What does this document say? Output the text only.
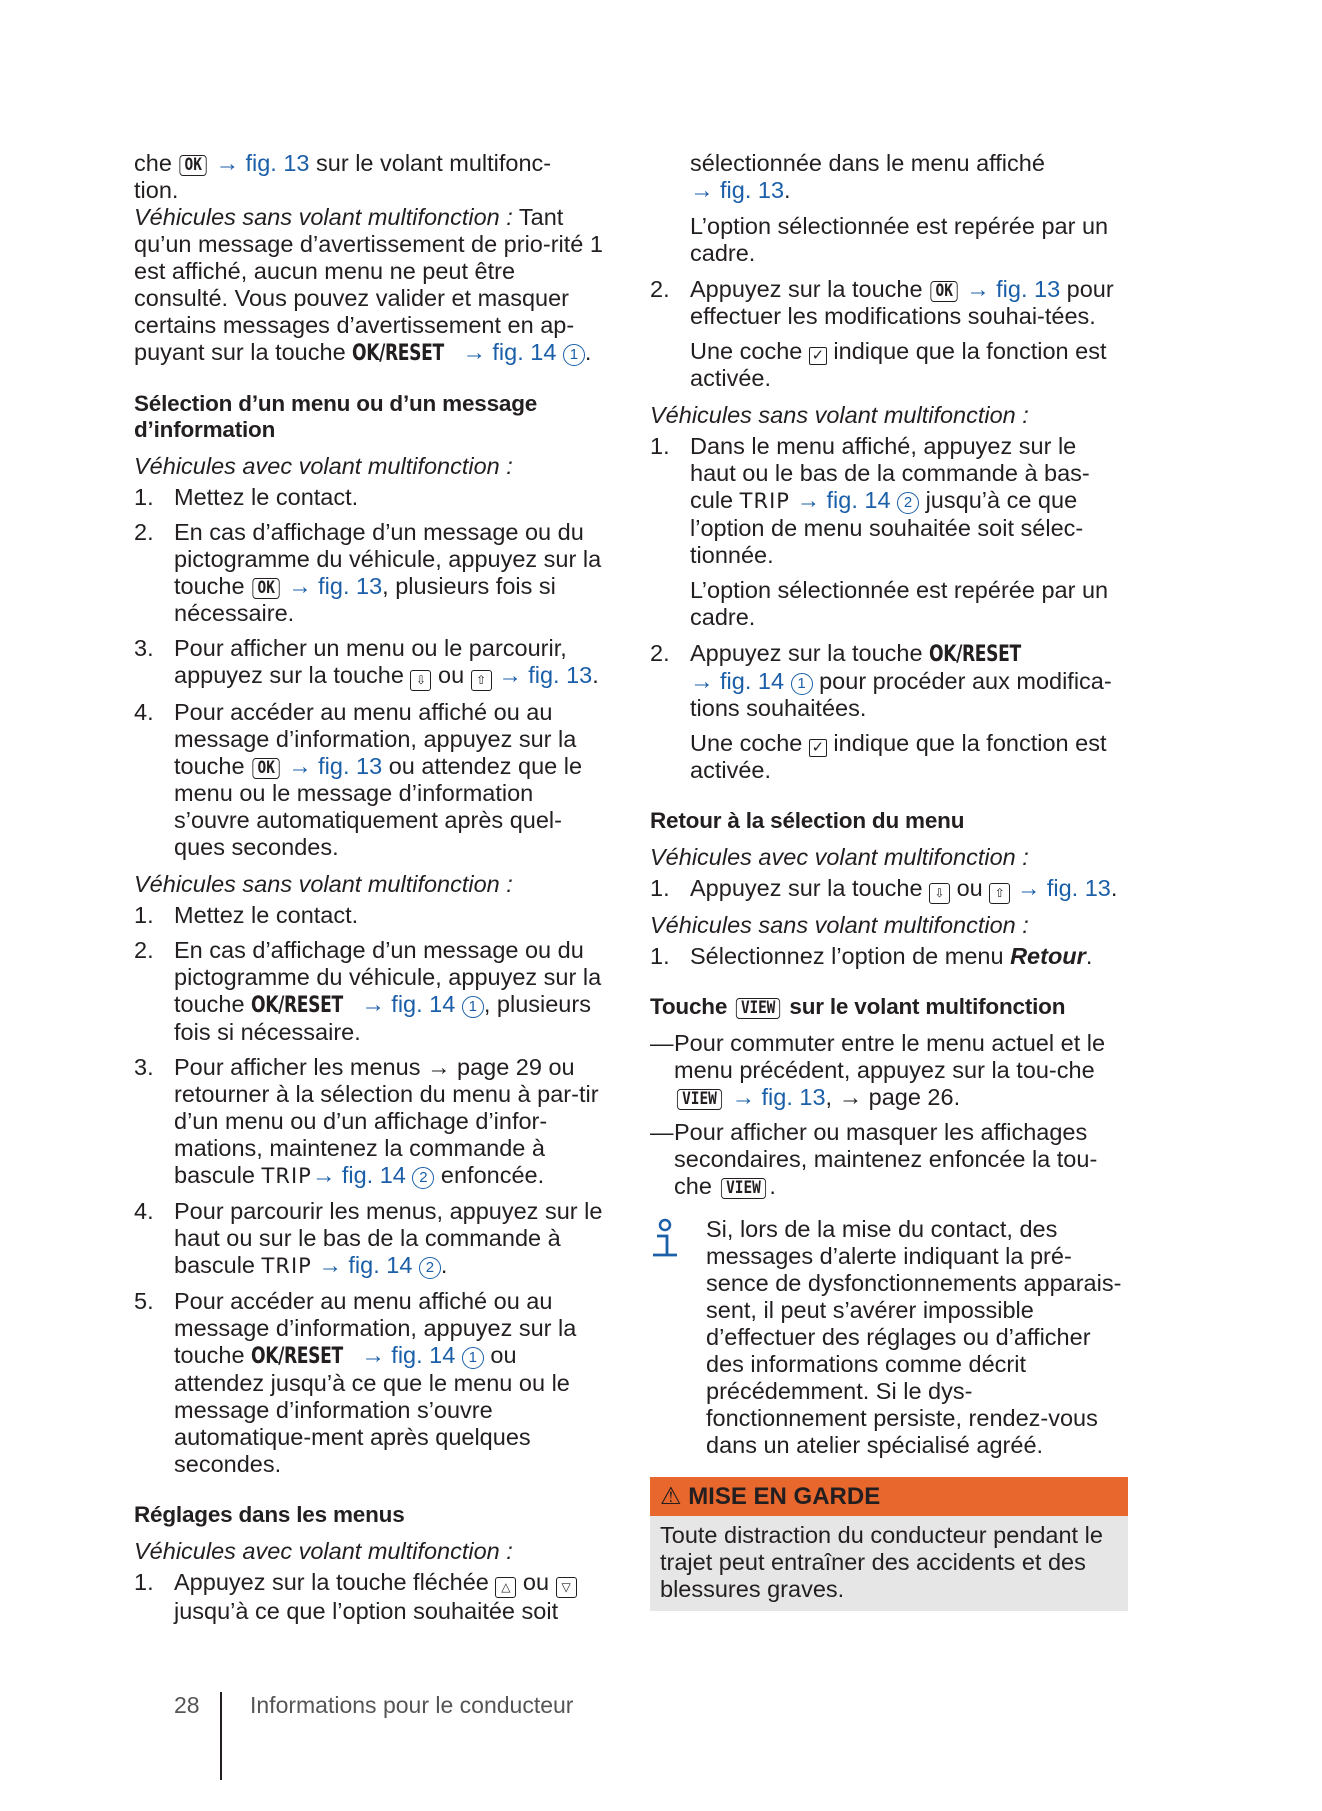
che OK → fig. 13 sur le volant multifonc-
tion.
Véhicules sans volant multifonction : Tant qu’un message d’avertissement de prio-rité 1 est affiché, aucun menu ne peut être consulté. Vous pouvez valider et masquer certains messages d’avertissement en ap-puyant sur la touche OK/RESET → fig. 14 1 .

Sélection d’un menu ou d’un message d’information

Véhicules avec volant multifonction :

1. Mettez le contact.
2. En cas d’affichage d’un message ou du pictogramme du véhicule, appuyez sur la touche OK → fig. 13, plusieurs fois si nécessaire.
3. Pour afficher un menu ou le parcourir, appuyez sur la touche ⇩ ou ⇧ → fig. 13.
4. Pour accéder au menu affiché ou au message d’information, appuyez sur la touche OK → fig. 13 ou attendez que le menu ou le message d’information s’ouvre automatiquement après quel-ques secondes.

Véhicules sans volant multifonction :

1. Mettez le contact.
2. En cas d’affichage d’un message ou du pictogramme du véhicule, appuyez sur la touche OK/RESET → fig. 14 1 , plusieurs fois si nécessaire.
3. Pour afficher les menus → page 29 ou retourner à la sélection du menu à par-tir d’un menu ou d’un affichage d’infor-mations, maintenez la commande à bascule TRIP→ fig. 14 2 enfoncée.
4. Pour parcourir les menus, appuyez sur le haut ou sur le bas de la commande à bascule TRIP → fig. 14 2 .
5. Pour accéder au menu affiché ou au message d’information, appuyez sur la touche OK/RESET → fig. 14 1 ou attendez jusqu’à ce que le menu ou le message d’information s’ouvre automatique-ment après quelques secondes.
Réglages dans les menus

Véhicules avec volant multifonction :

1. Appuyez sur la touche fléchée △ ou ▽ jusqu’à ce que l’option souhaitée soit
sélectionnée dans le menu affiché
→ fig. 13.
L’option sélectionnée est repérée par un cadre.
2. Appuyez sur la touche OK → fig. 13 pour effectuer les modifications souhai-tées.
Une coche ✓ indique que la fonction est activée.

Véhicules sans volant multifonction :

1. Dans le menu affiché, appuyez sur le haut ou le bas de la commande à bas-cule TRIP → fig. 14 2 jusqu’à ce que l’option de menu souhaitée soit sélec-tionnée.
L’option sélectionnée est repérée par un cadre.
2. Appuyez sur la touche OK/RESET
→ fig. 14 1 pour procéder aux modifica-tions souhaitées.
Une coche ✓ indique que la fonction est activée.
Retour à la sélection du menu

Véhicules avec volant multifonction :

1. Appuyez sur la touche ⇩ ou ⇧ → fig. 13.

Véhicules sans volant multifonction :

1. Sélectionnez l’option de menu Retour.
Touche VIEW sur le volant multifonction
— Pour commuter entre le menu actuel et le menu précédent, appuyez sur la tou-che VIEW → fig. 13, → page 26.
— Pour afficher ou masquer les affichages secondaires, maintenez enfoncée la tou-che VIEW .
Si, lors de la mise du contact, des messages d’alerte indiquant la pré-sence de dysfonctionnements apparais-sent, il peut s’avérer impossible d’effectuer des réglages ou d’afficher des informations comme décrit précédemment. Si le dys-fonctionnement persiste, rendez-vous dans un atelier spécialisé agréé.
⚠ MISE EN GARDE
Toute distraction du conducteur pendant le trajet peut entraîner des accidents et des blessures graves.
28 Informations pour le conducteur
